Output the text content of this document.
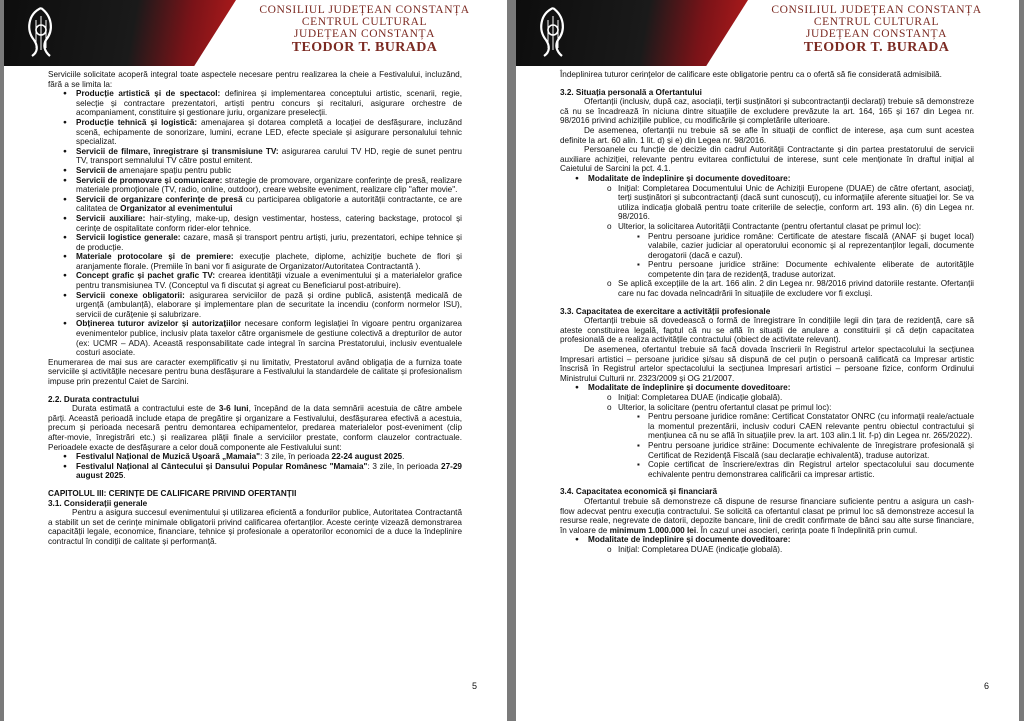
CONSILIUL JUDEȚEAN CONSTANȚA
CENTRUL CULTURAL
JUDEȚEAN CONSTANȚA
TEODOR T. BURADA

Serviciile solicitate acoperă integral toate aspectele necesare pentru realizarea la cheie a Festivalului, incluzând, fără a se limita la:

● Producție artistică și de spectacol: definirea și implementarea conceptului artistic, scenarii, regie, selecție și contractare prezentatori, artiști pentru concurs și recitaluri, asigurare orchestre de acompaniament, constituire și gestionare juriu, organizare preselecții.
● Producție tehnică și logistică: amenajarea și dotarea completă a locației de desfășurare, incluzând scenă, echipamente de sonorizare, lumini, ecrane LED, efecte speciale și asigurare personalului tehnic specializat.
● Servicii de filmare, înregistrare și transmisiune TV: asigurarea carului TV HD, regie de sunet pentru TV, transport semnalului TV către postul emitent.
● Servicii de amenajare spațiu pentru public
● Servicii de promovare și comunicare: strategie de promovare, organizare conferințe de presă, realizare materiale promoționale (TV, radio, online, outdoor), creare website eveniment, realizare clip "after movie".
● Servicii de organizare conferințe de presă cu participarea obligatorie a autorității contractante, ce are calitatea de Organizator al evenimentului
● Servicii auxiliare: hair-styling, make-up, design vestimentar, hostess, catering backstage, protocol și cerințe de ospitalitate conform rider-elor tehnice.
● Servicii logistice generale: cazare, masă și transport pentru artiști, juriu, prezentatori, echipe tehnice și de producție.
● Materiale protocolare și de premiere: execuție plachete, diplome, achiziție buchete de flori și aranjamente florale. (Premiile în bani vor fi asigurate de Organizator/Autoritatea Contractantă ).
● Concept grafic și pachet grafic TV: crearea identității vizuale a evenimentului și a materialelor grafice pentru transmisiunea TV. (Conceptul va fi discutat și agreat cu Beneficiarul post-atribuire).
● Servicii conexe obligatorii: asigurarea serviciilor de pază și ordine publică, asistență medicală de urgență (ambulanță), elaborare și implementare plan de securitate la incendiu (conform normelor ISU), servicii de curățenie și salubrizare.
● Obținerea tuturor avizelor și autorizațiilor necesare conform legislației în vigoare pentru organizarea evenimentelor publice, inclusiv plata taxelor către organismele de gestiune colectivă a drepturilor de autor (ex: UCMR – ADA). Această responsabilitate cade integral în sarcina Prestatorului, inclusiv eventualele costuri asociate.

Enumerarea de mai sus are caracter exemplificativ și nu limitativ, Prestatorul având obligația de a furniza toate serviciile și activitățile necesare pentru buna desfășurare a Festivalului la standardele de calitate și profesionalism impuse prin prezentul Caiet de Sarcini.

2.2. Durata contractului

Durata estimată a contractului este de 3-6 luni, începând de la data semnării acestuia de către ambele părți. Această perioadă include etapa de pregătire și organizare a Festivalului, desfășurarea efectivă a acestuia, precum și perioada necesară pentru demontarea echipamentelor, predarea materialelor post-eveniment (clip after-movie, înregistrări etc.) și realizarea plății finale a serviciilor prestate, conform clauzelor contractuale. Perioadele exacte de desfășurare a celor două componente ale Festivalului sunt:

● Festivalul Național de Muzică Ușoară „Mamaia": 3 zile, în perioada 22-24 august 2025.
● Festivalul Național al Cântecului și Dansului Popular Românesc "Mamaia": 3 zile, în perioada 27-29 august 2025.

CAPITOLUL III: CERINȚE DE CALIFICARE PRIVIND OFERTANȚII

3.1. Considerații generale

Pentru a asigura succesul evenimentului și utilizarea eficientă a fondurilor publice, Autoritatea Contractantă a stabilit un set de cerințe minimale obligatorii privind calificarea ofertanților. Aceste cerințe vizează demonstrarea capacității legale, economice, financiare, tehnice și profesionale a operatorilor economici de a duce la îndeplinire contractul în condiții de calitate și performanță.

5
CONSILIUL JUDEȚEAN CONSTANȚA
CENTRUL CULTURAL
JUDEȚEAN CONSTANȚA
TEODOR T. BURADA

Îndeplinirea tuturor cerințelor de calificare este obligatorie pentru ca o ofertă să fie considerată admisibilă.

3.2. Situația personală a Ofertantului

Ofertanții (inclusiv, după caz, asociații, terții susținători și subcontractanții declarați) trebuie să demonstreze că nu se încadrează în niciuna dintre situațiile de excludere prevăzute la art. 164, 165 și 167 din Legea nr. 98/2016 privind achizițiile publice, cu modificările și completările ulterioare.

De asemenea, ofertanții nu trebuie să se afle în situații de conflict de interese, așa cum sunt acestea definite la art. 60 alin. 1 lit. d) și e) din Legea nr. 98/2016.

Persoanele cu funcție de decizie din cadrul Autorității Contractante și din partea prestatorului de servicii auxiliare achiziției, relevante pentru evitarea conflictului de interese, sunt cele menționate în draftul inițial al Caietului de Sarcini la pct. 4.1.

● Modalitate de îndeplinire și documente doveditoare:
o Inițial: Completarea Documentului Unic de Achiziții Europene (DUAE) de către ofertant, asociați, terți susținători și subcontractanți (dacă sunt cunoscuți), cu informațiile aferente situației lor. Se va utiliza indicația globală pentru toate criteriile de selecție, conform art. 193 alin. (6) din Legea nr. 98/2016.
o Ulterior, la solicitarea Autorității Contractante (pentru ofertantul clasat pe primul loc):
▪ Pentru persoane juridice române: Certificate de atestare fiscală (ANAF și buget local) valabile, cazier judiciar al operatorului economic și al reprezentanților legali, documente derogatorii (dacă e cazul).
▪ Pentru persoane juridice străine: Documente echivalente eliberate de autoritățile competente din țara de rezidență, traduse autorizat.
o Se aplică excepțiile de la art. 166 alin. 2 din Legea nr. 98/2016 privind datoriile restante. Ofertanții care nu fac dovada neîncadrării în situațiile de excludere vor fi excluși.

3.3. Capacitatea de exercitare a activității profesionale

Ofertanții trebuie să dovedească o formă de înregistrare în condițiile legii din țara de rezidență, care să ateste constituirea legală, faptul că nu se află în situații de anulare a constituirii și că dețin capacitatea profesională de a realiza activitățile contractului (obiect de activitate relevant).

De asemenea, ofertantul trebuie să facă dovada înscrierii în Registrul artelor spectacolului la secțiunea Impresari artistici – persoane juridice și/sau să dispună de cel puțin o persoană calificată ca Impresar artistic înscrisă în Registrul artelor spectacolului la secțiunea Impresari artistici – persoane fizice, conform Ordinului Ministrului Culturii nr. 2323/2009 și OG 21/2007.

● Modalitate de îndeplinire și documente doveditoare:
o Inițial: Completarea DUAE (indicație globală).
o Ulterior, la solicitare (pentru ofertantul clasat pe primul loc):
▪ Pentru persoane juridice române: Certificat Constatator ONRC (cu informații reale/actuale la momentul prezentării, inclusiv coduri CAEN relevante pentru obiectul contractului și mențiunea că nu se află în situațiile prev. la art. 103 alin.1 lit. f-p) din Legea nr. 265/2022).
▪ Pentru persoane juridice străine: Documente echivalente de înregistrare profesională și Certificat de Rezidență Fiscală (sau declarație echivalentă), traduse autorizat.
▪ Copie certificat de înscriere/extras din Registrul artelor spectacolului sau documente echivalente pentru demonstrarea calificării ca impresar artistic.

3.4. Capacitatea economică și financiară

Ofertantul trebuie să demonstreze că dispune de resurse financiare suficiente pentru a asigura un cash-flow adecvat pentru execuția contractului. Se solicită ca ofertantul clasat pe primul loc să demonstreze accesul la resurse reale, negrevate de datorii, depozite bancare, linii de credit confirmate de bănci sau alte surse financiare, în valoare de minimum 1.000.000 lei. În cazul unei asocieri, cerința poate fi îndeplinită prin cumul.

● Modalitate de îndeplinire și documente doveditoare:
o Inițial: Completarea DUAE (indicație globală).
6
